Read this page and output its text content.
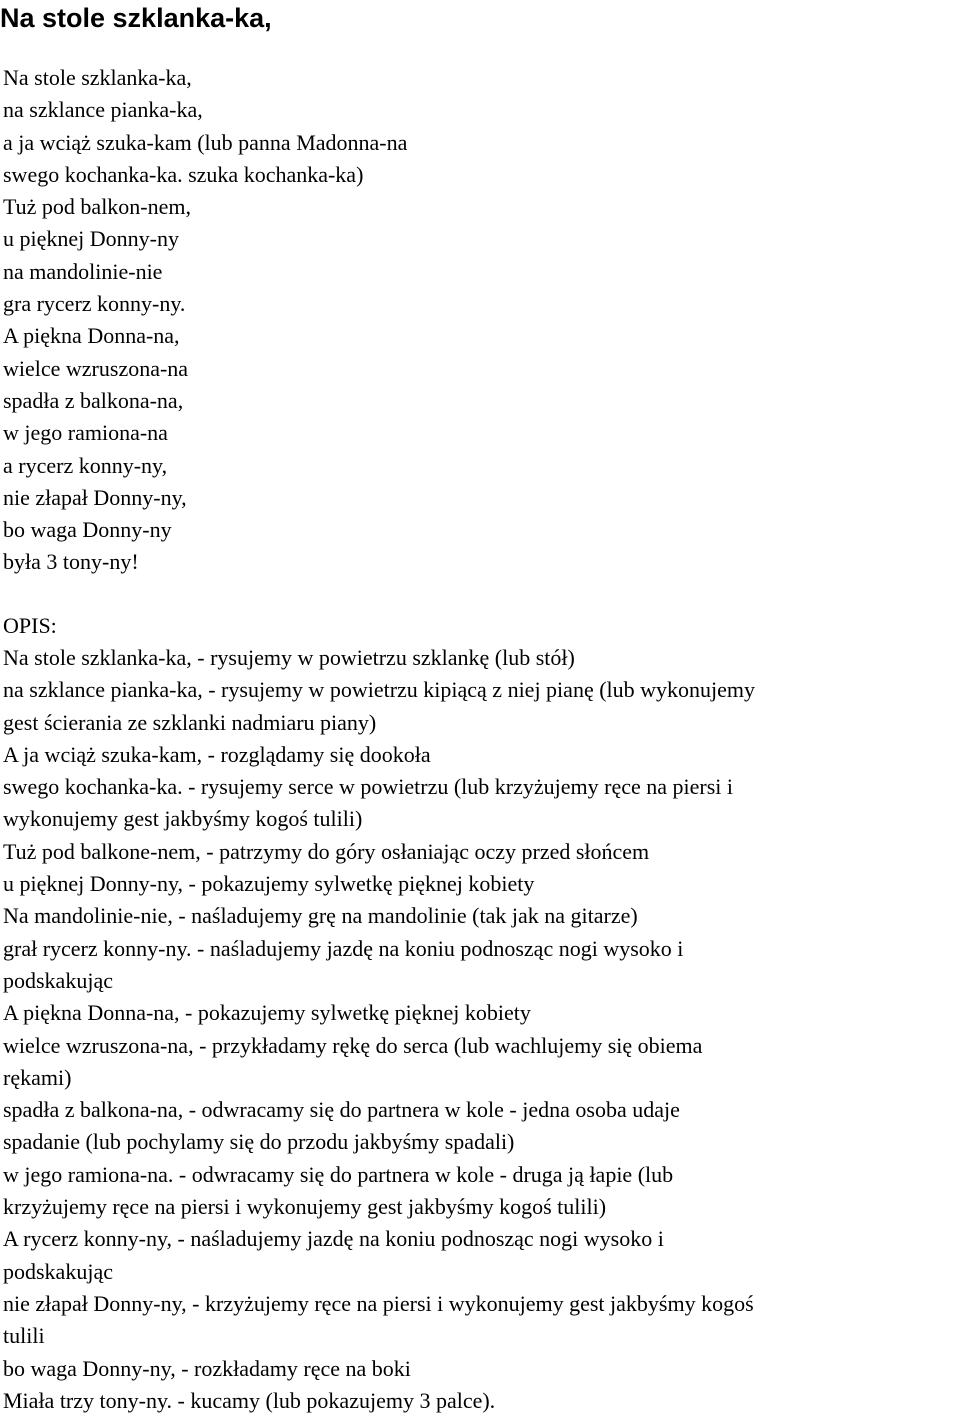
Na stole szklanka-ka,
Na stole szklanka-ka,
na szklance pianka-ka,
a ja wciąż szuka-kam (lub panna Madonna-na
swego kochanka-ka. szuka kochanka-ka)
Tuż pod balkon-nem,
u pięknej Donny-ny
na mandolinie-nie
gra rycerz konny-ny.
A piękna Donna-na,
wielce wzruszona-na
spadła z balkona-na,
w jego ramiona-na
a rycerz konny-ny,
nie złapał Donny-ny,
bo waga Donny-ny
była 3 tony-ny!
OPIS:
Na stole szklanka-ka, - rysujemy w powietrzu szklankę (lub stół)
na szklance pianka-ka, - rysujemy w powietrzu kipiącą z niej pianę (lub wykonujemy
gest ścierania ze szklanki nadmiaru piany)
A ja wciąż szuka-kam, - rozglądamy się dookoła
swego kochanka-ka. - rysujemy serce w powietrzu (lub krzyżujemy ręce na piersi i
wykonujemy gest jakbyśmy kogoś tulili)
Tuż pod balkone-nem, - patrzymy do góry osłaniając oczy przed słońcem
u pięknej Donny-ny, - pokazujemy sylwetkę pięknej kobiety
Na mandolinie-nie, - naśladujemy grę na mandolinie (tak jak na gitarze)
grał rycerz konny-ny. - naśladujemy jazdę na koniu podnosząc nogi wysoko i
podskakując
A piękna Donna-na, - pokazujemy sylwetkę pięknej kobiety
wielce wzruszona-na, - przykładamy rękę do serca (lub wachlujemy się obiema
rękami)
spadła z balkona-na, - odwracamy się do partnera w kole - jedna osoba udaje
spadanie (lub pochylamy się do przodu jakbyśmy spadali)
w jego ramiona-na. - odwracamy się do partnera w kole - druga ją łapie (lub
krzyżujemy ręce na piersi i wykonujemy gest jakbyśmy kogoś tulili)
A rycerz konny-ny, - naśladujemy jazdę na koniu podnosząc nogi wysoko i
podskakując
nie złapał Donny-ny, - krzyżujemy ręce na piersi i wykonujemy gest jakbyśmy kogoś
tulili
bo waga Donny-ny, - rozkładamy ręce na boki
Miała trzy tony-ny. - kucamy (lub pokazujemy 3 palce).
